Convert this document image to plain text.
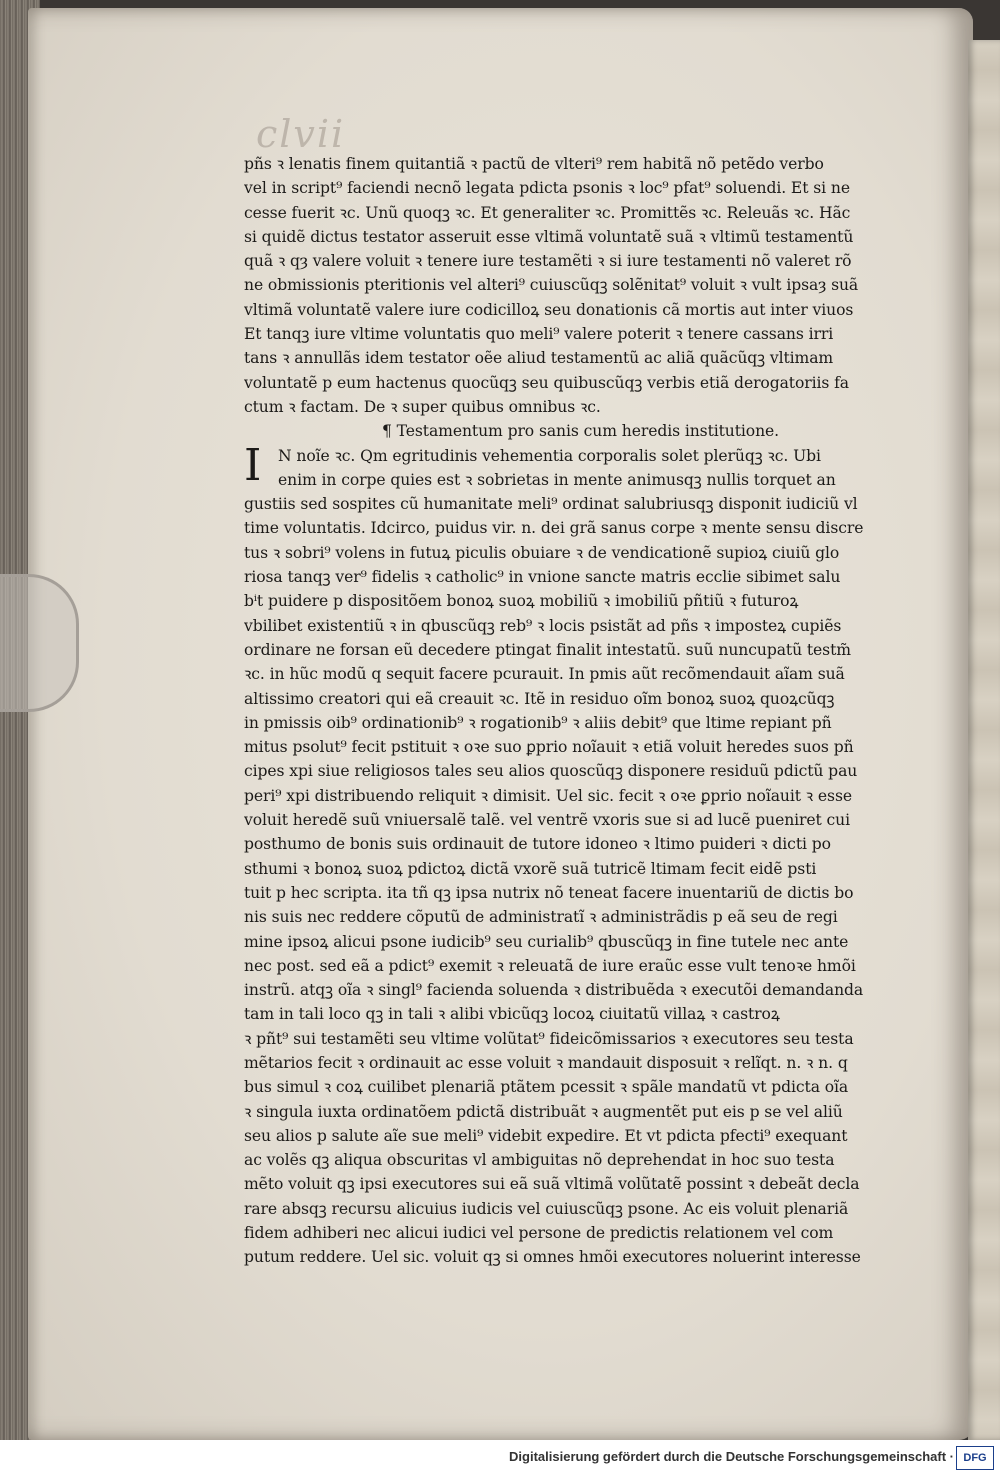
clvii
pñs ꝛ lenatis finem quitantiã ꝛ pactũ de vlteri⁹ rem habitã nõ petẽdo verbo
vel in script⁹ faciendi necnõ legata pdicta psonis ꝛ loc⁹ pfat⁹ soluendi. Et si ne
cesse fuerit ꝛc. Unũ quoqꝫ ꝛc. Et generaliter ꝛc. Promittẽs ꝛc. Releuãs ꝛc. Hãc
si quidẽ dictus testator asseruit esse vltimã voluntatẽ suã ꝛ vltimũ testamentũ
quã ꝛ qȝ valere voluit ꝛ tenere iure testamẽti ꝛ si iure testamenti nõ valeret rõ
ne obmissionis pteritionis vel alteri⁹ cuiuscũqꝫ solẽnitat⁹ voluit ꝛ vult ipsaȝ suã
vltimã voluntatẽ valere iure codicilloꝝ seu donationis cã mortis aut inter viuos
Et tanqꝫ iure vltime voluntatis quo meli⁹ valere poterit ꝛ tenere cassans irri
tans ꝛ annullãs idem testator oẽe aliud testamentũ ac aliã quãcũqꝫ vltimam
voluntatẽ p eum hactenus quocũqꝫ seu quibuscũqꝫ verbis etiã derogatoriis fa
ctum ꝛ factam. De ꝛ super quibus omnibus ꝛc.
¶ Testamentum pro sanis cum heredis institutione.
I	N noĩe ꝛc. Qm egritudinis vehementia corporalis solet plerũqꝫ ꝛc. Ubi
enim in corpe quies est ꝛ sobrietas in mente animusqꝫ nullis torquet an
gustiis sed sospites cũ humanitate meli⁹ ordinat salubriusqꝫ disponit iudiciũ vl
time voluntatis. Idcirco, puidus vir. n. dei grã sanus corpe ꝛ mente sensu discre
tus ꝛ sobri⁹ volens in futuꝝ piculis obuiare ꝛ de vendicationẽ supioꝝ ciuiũ glo
riosa tanqꝫ ver⁹ fidelis ꝛ catholic⁹ in vnione sancte matris ecclie sibimet salu
bⁱt puidere p dispositõem bonoꝝ suoꝝ mobiliũ ꝛ imobiliũ pñtiũ ꝛ futuroꝝ
vbilibet existentiũ ꝛ in qbuscũqꝫ reb⁹ ꝛ locis psistãt ad pñs ꝛ imposteꝝ cupiẽs
ordinare ne forsan eũ decedere ptingat finalit intestatũ. suũ nuncupatũ testm̃
ꝛc. in hũc modũ q sequit facere pcurauit. In pmis aũt recõmendauit aĩam suã
altissimo creatori qui eã creauit ꝛc. Itẽ in residuo oĩm bonoꝝ suoꝝ quoꝝcũqꝫ
in pmissis oib⁹ ordinationib⁹ ꝛ rogationib⁹ ꝛ aliis debit⁹ que ltime repiant pñ
mitus psolut⁹ fecit pstituit ꝛ oꝛe suo ꝑprio noĩauit ꝛ etiã voluit heredes suos pñ
cipes xpi siue religiosos tales seu alios quoscũqꝫ disponere residuũ pdictũ pau
peri⁹ xpi distribuendo reliquit ꝛ dimisit. Uel sic. fecit ꝛ oꝛe ꝑprio noĩauit ꝛ esse
voluit heredẽ suũ vniuersalẽ talẽ. vel ventrẽ vxoris sue si ad lucẽ pueniret cui
posthumo de bonis suis ordinauit de tutore idoneo ꝛ ltimo puideri ꝛ dicti po
sthumi ꝛ bonoꝝ suoꝝ pdictoꝝ dictã vxorẽ suã tutricẽ ltimam fecit eidẽ psti
tuit p hec scripta. ita tñ qꝫ ipsa nutrix nõ teneat facere inuentariũ de dictis bo
nis suis nec reddere cõputũ de administratĩ ꝛ administrãdis p eã seu de regi
mine ipsoꝝ alicui psone iudicib⁹ seu curialib⁹ qbuscũqꝫ in fine tutele nec ante
nec post. sed eã a pdict⁹ exemit ꝛ releuatã de iure eraũc esse vult tenoꝛe hmõi
instrũ. atqꝫ oĩa ꝛ singl⁹ facienda soluenda ꝛ distribuẽda ꝛ executõi demandanda
tam in tali loco qꝫ in tali ꝛ alibi vbicũqꝫ locoꝝ ciuitatũ villaꝝ ꝛ castroꝝ
ꝛ pñt⁹ sui testamẽti seu vltime volũtat⁹ fideicõmissarios ꝛ executores seu testa
mẽtarios fecit ꝛ ordinauit ac esse voluit ꝛ mandauit disposuit ꝛ relĩqt. n. ꝛ n. q
bus simul ꝛ coꝝ cuilibet plenariã ptãtem pcessit ꝛ spãle mandatũ vt pdicta oĩa
ꝛ singula iuxta ordinatõem pdictã distribuãt ꝛ augmentẽt put eis p se vel aliũ
seu alios p salute aĩe sue meli⁹ videbit expedire. Et vt pdicta pfecti⁹ exequant
ac volẽs qꝫ aliqua obscuritas vl ambiguitas nõ deprehendat in hoc suo testa
mẽto voluit qꝫ ipsi executores sui eã suã vltimã volũtatẽ possint ꝛ debeãt decla
rare absqꝫ recursu alicuius iudicis vel cuiuscũqꝫ psone. Ac eis voluit plenariã
fidem adhiberi nec alicui iudici vel persone de predictis relationem vel com
putum reddere. Uel sic. voluit qꝫ si omnes hmõi executores noluerint interesse
Digitalisierung gefördert durch die Deutsche Forschungsgemeinschaft · DFG
